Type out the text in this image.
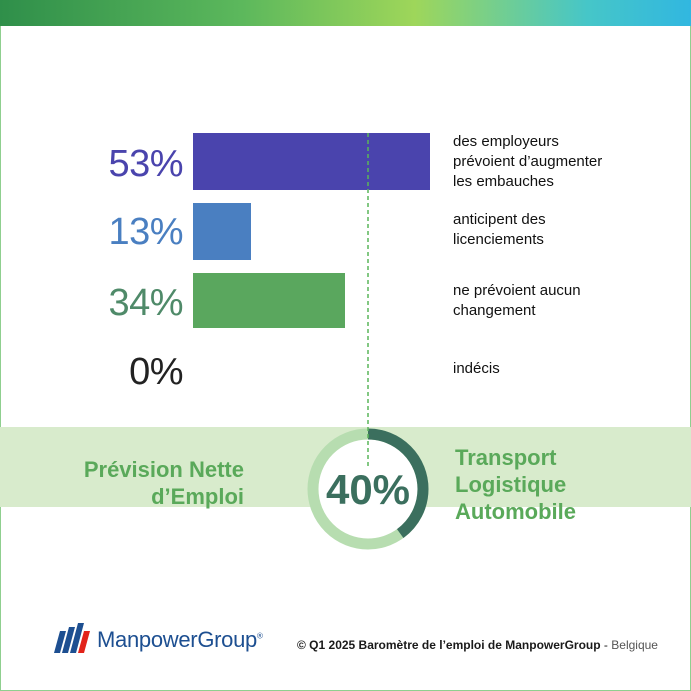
53%
13%
34%
0%
des employeurs
prévoient d’augmenter
les embauches
anticipent des
licenciements
ne prévoient aucun
changement
indécis
Prévision Nette
d’Emploi
Transport
Logistique
Automobile
40%
ManpowerGroup®
© Q1 2025 Baromètre de l’emploi de ManpowerGroup - Belgique
